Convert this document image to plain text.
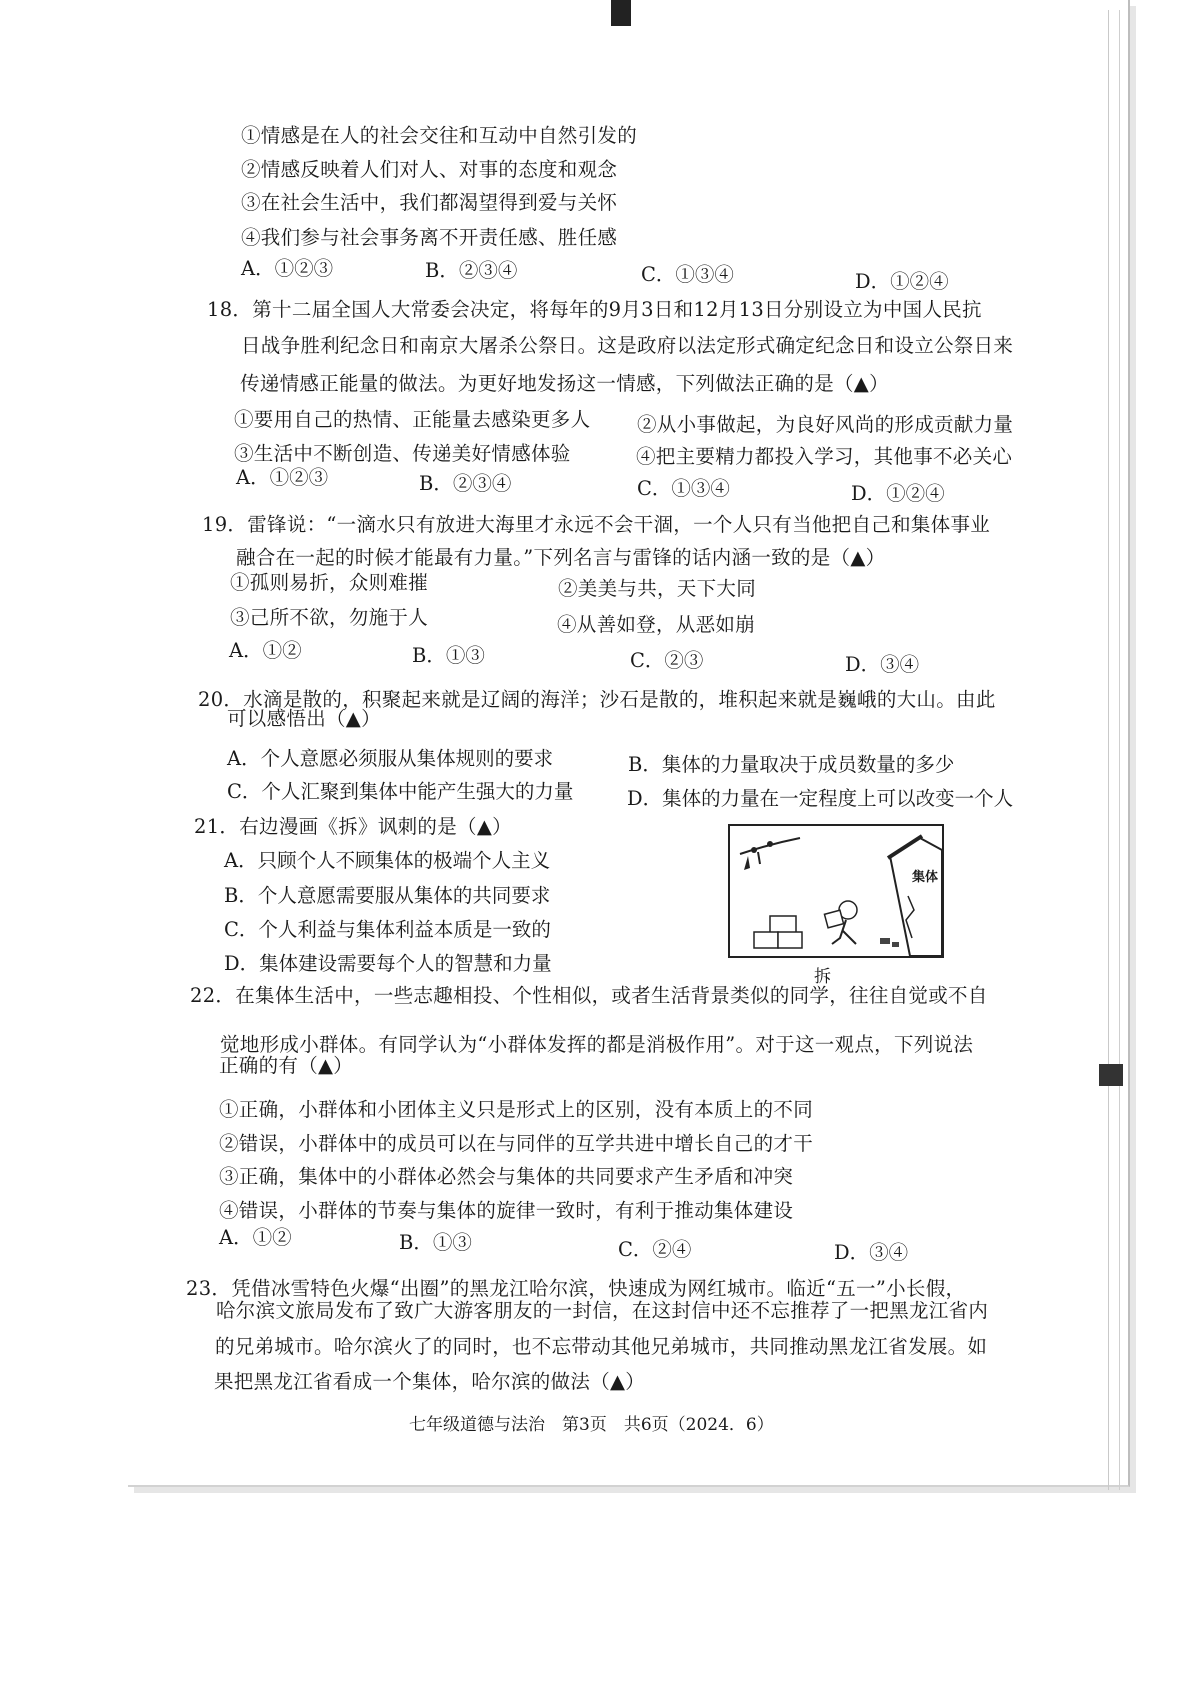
①情感是在人的社会交往和互动中自然引发的
②情感反映着人们对人、对事的态度和观念
③在社会生活中，我们都渴望得到爱与关怀
④我们参与社会事务离不开责任感、胜任感
A．①②③	B．②③④	C．①③④	D．①②④
18．第十二届全国人大常委会决定，将每年的9月3日和12月13日分别设立为中国人民抗
日战争胜利纪念日和南京大屠杀公祭日。这是政府以法定形式确定纪念日和设立公祭日来
传递情感正能量的做法。为更好地发扬这一情感，下列做法正确的是（▲）
①要用自己的热情、正能量去感染更多人 ②从小事做起，为良好风尚的形成贡献力量
③生活中不断创造、传递美好情感体验	④把主要精力都投入学习，其他事不必关心
A．①②③	B．②③④	C．①③④	D．①②④
19．雷锋说：“一滴水只有放进大海里才永远不会干涸，一个人只有当他把自己和集体事业
融合在一起的时候才能最有力量。”下列名言与雷锋的话内涵一致的是（▲）
①孤则易折，众则难摧	②美美与共，天下大同
③己所不欲，勿施于人	④从善如登，从恶如崩
A．①②	B．①③	C．②③	D．③④
20．水滴是散的，积聚起来就是辽阔的海洋；沙石是散的，堆积起来就是巍峨的大山。由此
可以感悟出（▲）
A．个人意愿必须服从集体规则的要求	B．集体的力量取决于成员数量的多少
C．个人汇聚到集体中能产生强大的力量	D．集体的力量在一定程度上可以改变一个人
21．右边漫画《拆》讽刺的是（▲）
A．只顾个人不顾集体的极端个人主义
B．个人意愿需要服从集体的共同要求
C．个人利益与集体利益本质是一致的
D．集体建设需要每个人的智慧和力量
集体
拆
22．在集体生活中，一些志趣相投、个性相似，或者生活背景类似的同学，往往自觉或不自
觉地形成小群体。有同学认为“小群体发挥的都是消极作用”。对于这一观点，下列说法
正确的有（▲）
①正确，小群体和小团体主义只是形式上的区别，没有本质上的不同
②错误，小群体中的成员可以在与同伴的互学共进中增长自己的才干
③正确，集体中的小群体必然会与集体的共同要求产生矛盾和冲突
④错误，小群体的节奏与集体的旋律一致时，有利于推动集体建设
A．①②	B．①③	C．②④	D．③④
23．凭借冰雪特色火爆“出圈”的黑龙江哈尔滨，快速成为网红城市。临近“五一”小长假，
哈尔滨文旅局发布了致广大游客朋友的一封信，在这封信中还不忘推荐了一把黑龙江省内
的兄弟城市。哈尔滨火了的同时，也不忘带动其他兄弟城市，共同推动黑龙江省发展。如
果把黑龙江省看成一个集体，哈尔滨的做法（▲）
七年级道德与法治　第3页　共6页（2024．6）
